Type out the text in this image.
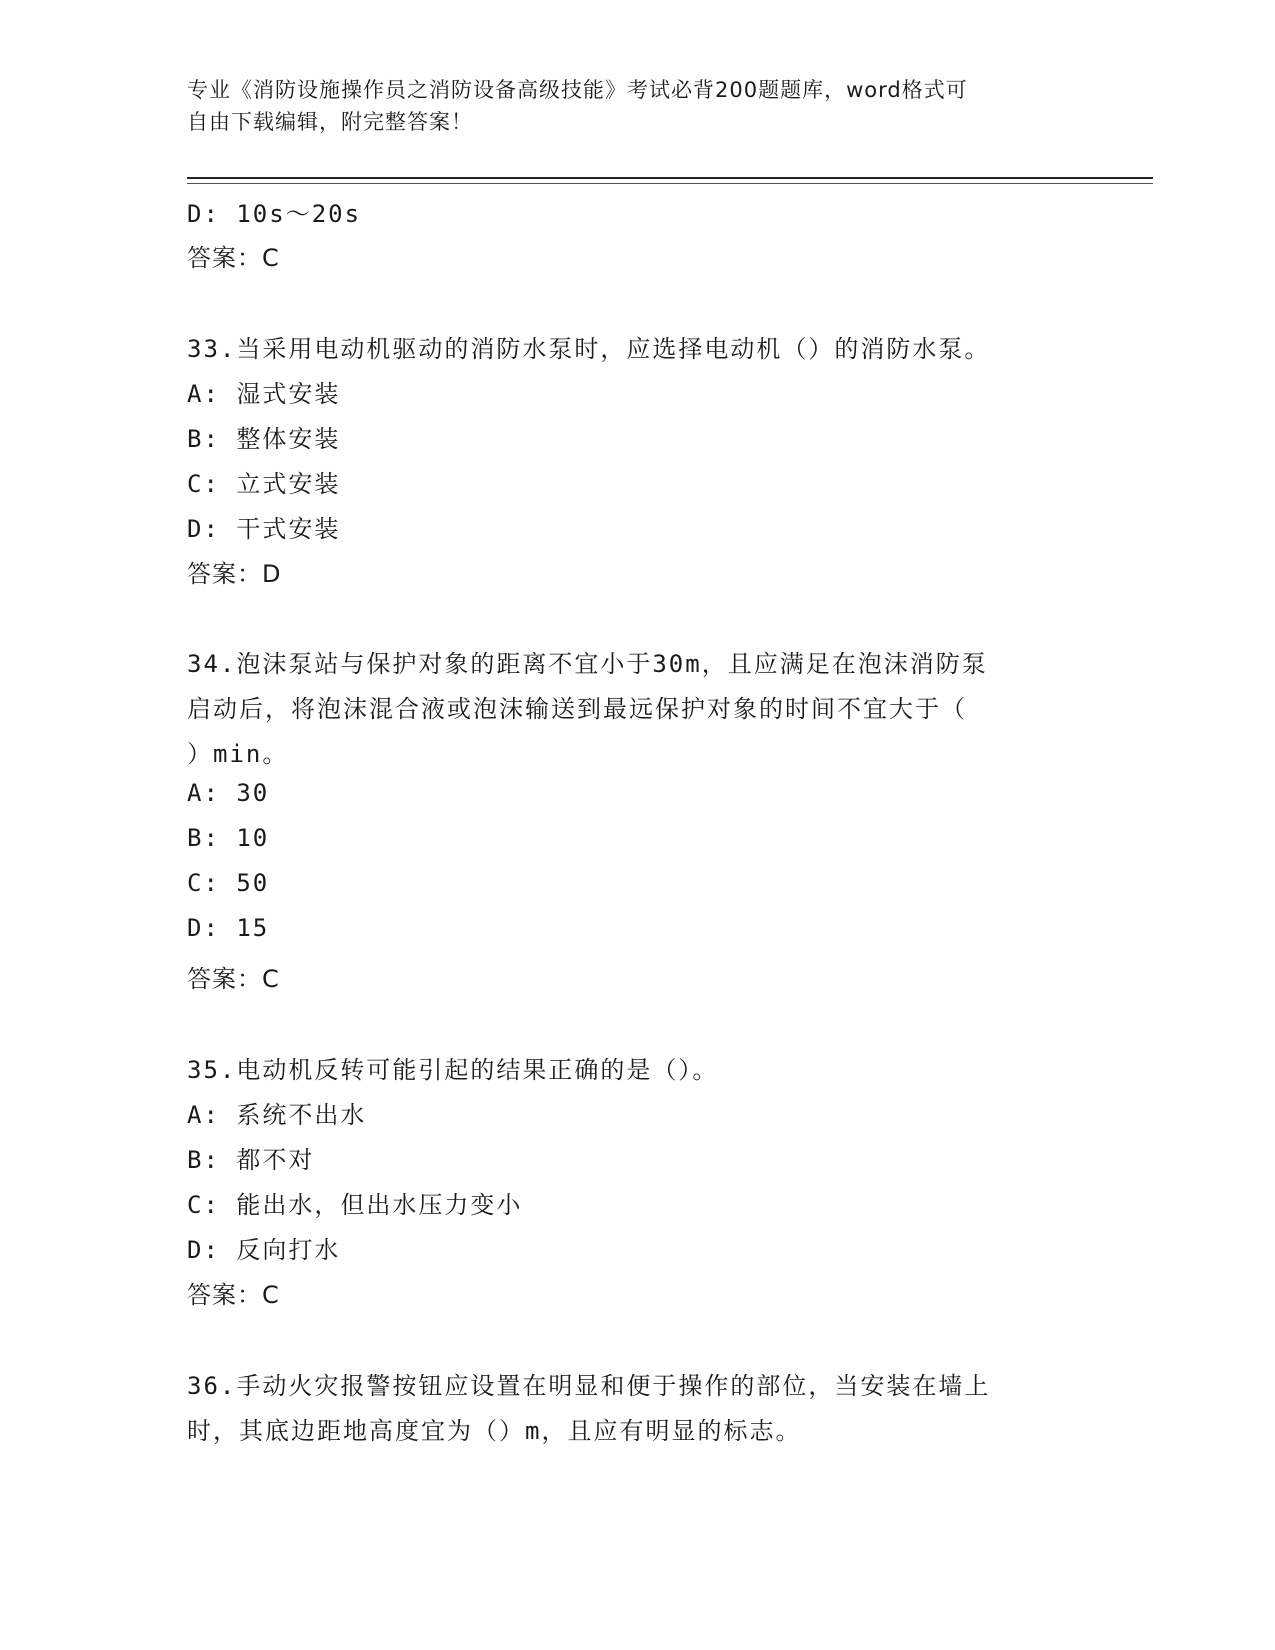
专业《消防设施操作员之消防设备高级技能》考试必背200题题库，word格式可
自由下载编辑，附完整答案！
D: 10s～20s
答案：C
33.当采用电动机驱动的消防水泵时，应选择电动机（）的消防水泵。
A: 湿式安装
B: 整体安装
C: 立式安装
D: 干式安装
答案：D
34.泡沫泵站与保护对象的距离不宜小于30m，且应满足在泡沫消防泵
启动后，将泡沫混合液或泡沫输送到最远保护对象的时间不宜大于（
）min。
A: 30
B: 10
C: 50
D: 15
答案：C
35.电动机反转可能引起的结果正确的是（）。
A: 系统不出水
B: 都不对
C: 能出水，但出水压力变小
D: 反向打水
答案：C
36.手动火灾报警按钮应设置在明显和便于操作的部位，当安装在墙上
时，其底边距地高度宜为（）m，且应有明显的标志。
